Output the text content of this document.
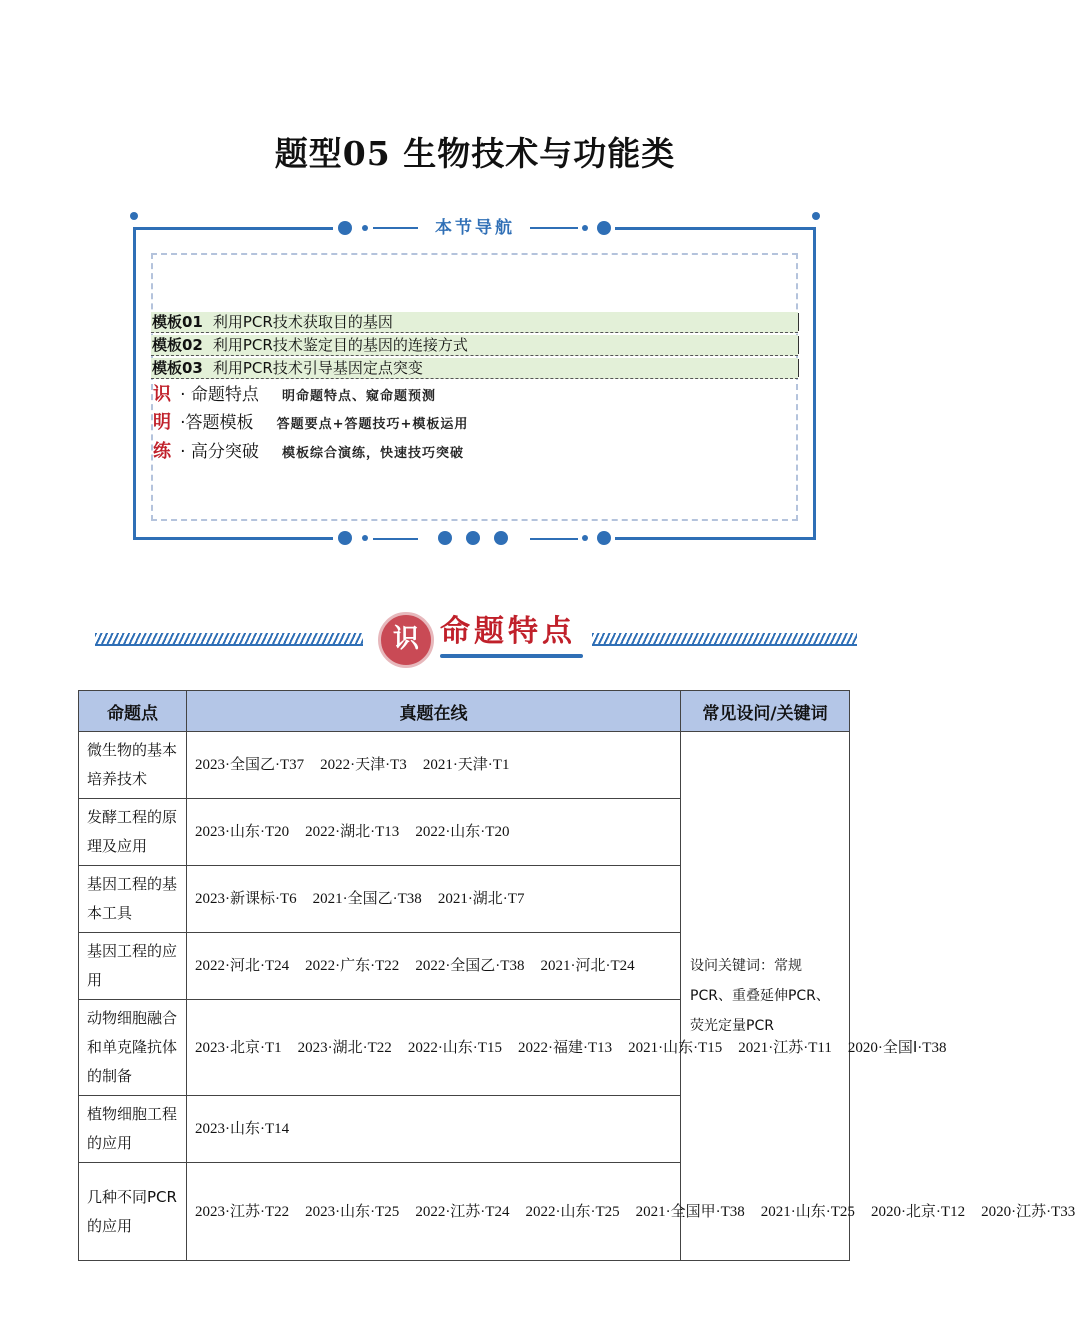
题型05 生物技术与功能类
本节导航
模板01 利用PCR技术获取目的基因
模板02 利用PCR技术鉴定目的基因的连接方式
模板03 利用PCR技术引导基因定点突变
识 · 命题特点 明命题特点、窥命题预测
明 ·答题模板 答题要点+答题技巧+模板运用
练 · 高分突破 模板综合演练，快速技巧突破
识 命题特点
命题点	真题在线	常见设问/关键词
微生物的基本培养技术	2023·全国乙·T37 2022·天津·T3 2021·天津·T1	设问关键词：常规PCR、重叠延伸PCR、荧光定量PCR
发酵工程的原理及应用	2023·山东·T20 2022·湖北·T13 2022·山东·T20	
基因工程的基本工具	2023·新课标·T6 2021·全国乙·T38 2021·湖北·T7	
基因工程的应用	2022·河北·T24 2022·广东·T22 2022·全国乙·T38 2021·河北·T24	
动物细胞融合和单克隆抗体的制备	2023·北京·T1 2023·湖北·T22 2022·山东·T15 2022·福建·T13 2021·山东·T15 2021·江苏·T11 2020·全国Ⅰ·T38	
植物细胞工程的应用	2023·山东·T14	
几种不同PCR的应用	2023·江苏·T22 2023·山东·T25 2022·江苏·T24 2022·山东·T25 2021·全国甲·T38 2021·山东·T25 2020·北京·T12 2020·江苏·T33	
